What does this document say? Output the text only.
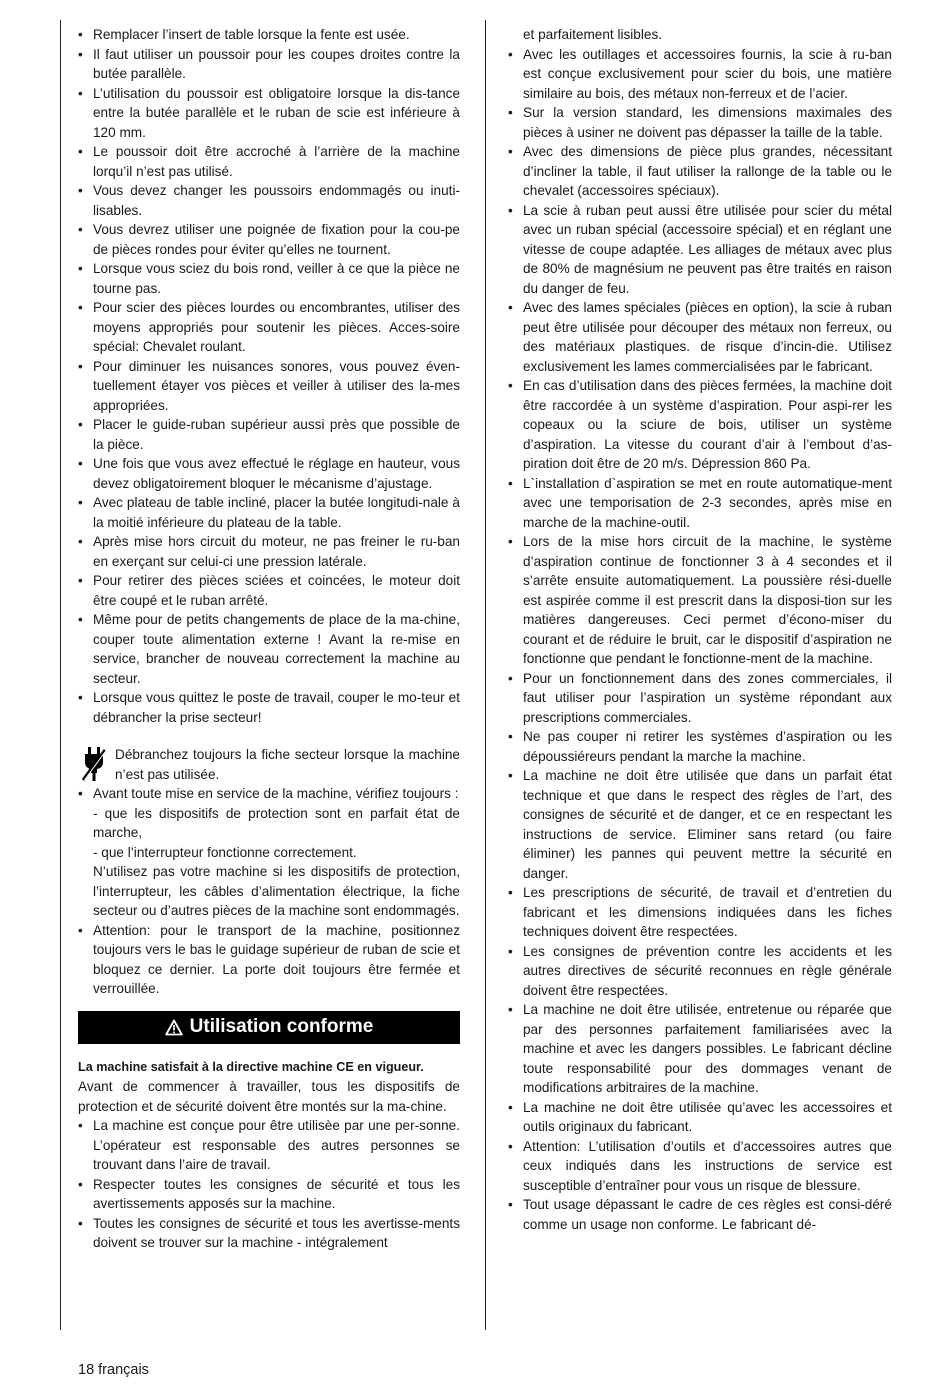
• Remplacer l’insert de table lorsque la fente est usée.
• Il faut utiliser un poussoir pour les coupes droites contre la butée parallèle.
• L’utilisation du poussoir est obligatoire lorsque la dis-tance entre la butée parallèle et le ruban de scie est inférieure à 120 mm.
• Le poussoir doit être accroché à l’arrière de la machine lorqu’il n’est pas utilisé.
• Vous devez changer les poussoirs endommagés ou inuti-lisables.
• Vous devrez utiliser une poignée de fixation pour la cou-pe de pièces rondes pour éviter qu’elles ne tournent.
• Lorsque vous sciez du bois rond, veiller à ce que la pièce ne tourne pas.
• Pour scier des pièces lourdes ou encombrantes, utiliser des moyens appropriés pour soutenir les pièces. Acces-soire spécial: Chevalet roulant.
• Pour diminuer les nuisances sonores, vous pouvez éven-tuellement étayer vos pièces et veiller à utiliser des la-mes appropriées.
• Placer le guide-ruban supérieur aussi près que possible de la pièce.
• Une fois que vous avez effectué le réglage en hauteur, vous devez obligatoirement bloquer le mécanisme d’ajustage.
• Avec plateau de table incliné, placer la butée longitudi-nale à la moitié inférieure du plateau de la table.
• Après mise hors circuit du moteur, ne pas freiner le ru-ban en exerçant sur celui-ci une pression latérale.
• Pour retirer des pièces sciées et coincées, le moteur doit être coupé et le ruban arrêté.
• Même pour de petits changements de place de la ma-chine, couper toute alimentation externe ! Avant la re-mise en service, brancher de nouveau correctement la machine au secteur.
• Lorsque vous quittez le poste de travail, couper le mo-teur et débrancher la prise secteur!

Débranchez toujours la fiche secteur lorsque la machine n’est pas utilisée.

• Avant toute mise en service de la machine, vérifiez toujours :
- que les dispositifs de protection sont en parfait état de marche,
- que l’interrupteur fonctionne correctement.
N’utilisez pas votre machine si les dispositifs de protection, l’interrupteur, les câbles d’alimentation électrique, la fiche secteur ou d’autres pièces de la machine sont endommagés.
• Attention: pour le transport de la machine, positionnez toujours vers le bas le guidage supérieur de ruban de scie et bloquez ce dernier. La porte doit toujours être fermée et verrouillée.
Utilisation conforme

La machine satisfait à la directive machine CE en vigueur.

Avant de commencer à travailler, tous les dispositifs de protection et de sécurité doivent être montés sur la ma-chine.

• La machine est conçue pour être utilisèe par une per-sonne. L’opérateur est responsable des autres personnes se trouvant dans l’aire de travail.
• Respecter toutes les consignes de sécurité et tous les avertissements apposés sur la machine.
• Toutes les consignes de sécurité et tous les avertisse-ments doivent se trouver sur la machine - intégralement
et parfaitement lisibles.
• Avec les outillages et accessoires fournis, la scie à ru-ban est conçue exclusivement pour scier du bois, une matière similaire au bois, des métaux non-ferreux et de l’acier.
• Sur la version standard, les dimensions maximales des pièces à usiner ne doivent pas dépasser la taille de la table.
• Avec des dimensions de pièce plus grandes, nécessitant d’incliner la table, il faut utiliser la rallonge de la table ou le chevalet (accessoires spéciaux).
• La scie à ruban peut aussi être utilisée pour scier du métal avec un ruban spécial (accessoire spécial) et en réglant une vitesse de coupe adaptée. Les alliages de métaux avec plus de 80% de magnésium ne peuvent pas être traités en raison du danger de feu.
• Avec des lames spéciales (pièces en option), la scie à ruban peut être utilisée pour découper des métaux non ferreux, ou des matériaux plastiques. de risque d’incin-die. Utilisez exclusivement les lames commercialisées par le fabricant.
• En cas d’utilisation dans des pièces fermées, la machine doit être raccordée à un système d’aspiration. Pour aspi-rer les copeaux ou la sciure de bois, utiliser un système d’aspiration. La vitesse du courant d’air à l’embout d’as-piration doit être de 20 m/s. Dépression 860 Pa.
• L`installation d`aspiration se met en route automatique-ment avec une temporisation de 2-3 secondes, après mise en marche de la machine-outil.
• Lors de la mise hors circuit de la machine, le système d’aspiration continue de fonctionner 3 à 4 secondes et il s’arrête ensuite automatiquement. La poussière rési-duelle est aspirée comme il est prescrit dans la disposi-tion sur les matières dangereuses. Ceci permet d’écono-miser du courant et de réduire le bruit, car le dispositif d’aspiration ne fonctionne que pendant le fonctionne-ment de la machine.
• Pour un fonctionnement dans des zones commerciales, il faut utiliser pour l’aspiration un système répondant aux prescriptions commerciales.
• Ne pas couper ni retirer les systèmes d’aspiration ou les dépoussiéreurs pendant la marche la machine.
• La machine ne doit être utilisée que dans un parfait état technique et que dans le respect des règles de l’art, des consignes de sécurité et de danger, et ce en respectant les instructions de service. Eliminer sans retard (ou faire éliminer) les pannes qui peuvent mettre la sécurité en danger.
• Les prescriptions de sécurité, de travail et d’entretien du fabricant et les dimensions indiquées dans les fiches techniques doivent être respectées.
• Les consignes de prévention contre les accidents et les autres directives de sécurité reconnues en règle générale doivent être respectées.
• La machine ne doit être utilisée, entretenue ou réparée que par des personnes parfaitement familiarisées avec la machine et avec les dangers possibles. Le fabricant décline toute responsabilité pour des dommages venant de modifications arbitraires de la machine.
• La machine ne doit être utilisée qu’avec les accessoires et outils originaux du fabricant.
• Attention: L’utilisation d’outils et d’accessoires autres que ceux indiqués dans les instructions de service est susceptible d’entraîner pour vous un risque de blessure.
• Tout usage dépassant le cadre de ces règles est consi-déré comme un usage non conforme. Le fabricant dé-
18 français
